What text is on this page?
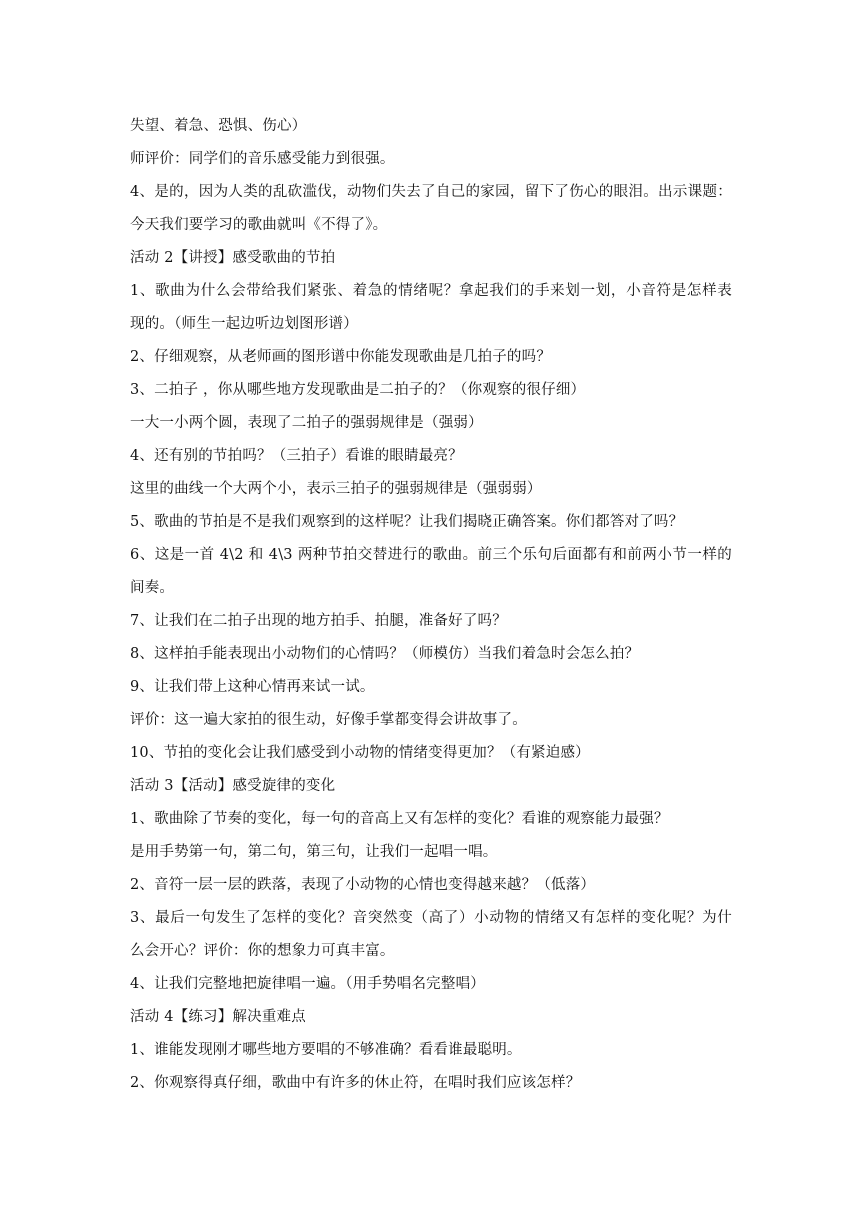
失望、着急、恐惧、伤心）
师评价：同学们的音乐感受能力到很强。
4、是的，因为人类的乱砍滥伐，动物们失去了自己的家园，留下了伤心的眼泪。出示课题：
今天我们要学习的歌曲就叫《不得了》。
活动 2【讲授】感受歌曲的节拍
1、歌曲为什么会带给我们紧张、着急的情绪呢？拿起我们的手来划一划，小音符是怎样表
现的。（师生一起边听边划图形谱）
2、仔细观察，从老师画的图形谱中你能发现歌曲是几拍子的吗？
3、二拍子 ，你从哪些地方发现歌曲是二拍子的？（你观察的很仔细）
一大一小两个圆，表现了二拍子的强弱规律是（强弱）
4、还有别的节拍吗？（三拍子）看谁的眼睛最亮？
这里的曲线一个大两个小，表示三拍子的强弱规律是（强弱弱）
5、歌曲的节拍是不是我们观察到的这样呢？让我们揭晓正确答案。你们都答对了吗？
6、这是一首 4\2 和 4\3 两种节拍交替进行的歌曲。前三个乐句后面都有和前两小节一样的
间奏。
7、让我们在二拍子出现的地方拍手、拍腿，准备好了吗？
8、这样拍手能表现出小动物们的心情吗？（师模仿）当我们着急时会怎么拍？
9、让我们带上这种心情再来试一试。
评价：这一遍大家拍的很生动，好像手掌都变得会讲故事了。
10、节拍的变化会让我们感受到小动物的情绪变得更加？（有紧迫感）
活动 3【活动】感受旋律的变化
1、歌曲除了节奏的变化，每一句的音高上又有怎样的变化？看谁的观察能力最强？
是用手势第一句，第二句，第三句，让我们一起唱一唱。
2、音符一层一层的跌落，表现了小动物的心情也变得越来越？（低落）
3、最后一句发生了怎样的变化？音突然变（高了）小动物的情绪又有怎样的变化呢？为什
么会开心？评价：你的想象力可真丰富。
4、让我们完整地把旋律唱一遍。（用手势唱名完整唱）
活动 4【练习】解决重难点
1、谁能发现刚才哪些地方要唱的不够准确？看看谁最聪明。
2、你观察得真仔细，歌曲中有许多的休止符，在唱时我们应该怎样？
